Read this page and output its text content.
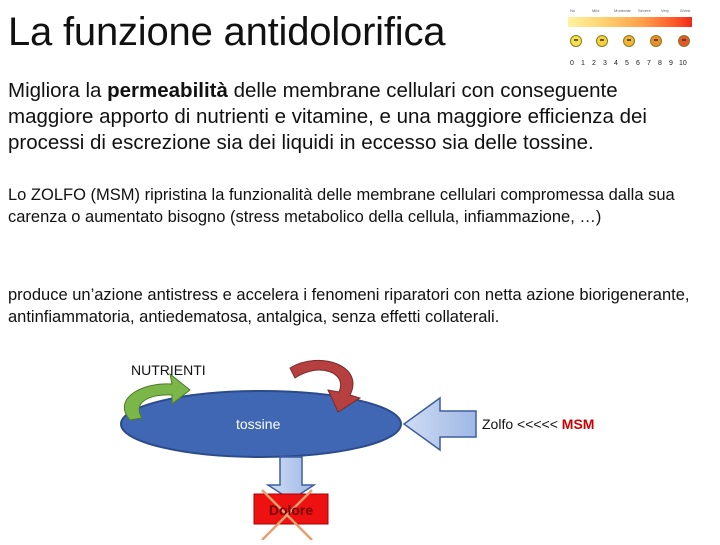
La funzione antidolorifica	No	Mild	Moderate Severe	Very	Worst
0 1 2 3 4 5 6 7 8 9 10
Migliora la permeabilità delle membrane cellulari con conseguente maggiore apporto di nutrienti e vitamine, e una maggiore efficienza dei processi di escrezione sia dei liquidi in eccesso sia delle tossine.
Lo ZOLFO (MSM) ripristina la funzionalità delle membrane cellulari compromessa dalla sua carenza o aumentato bisogno (stress metabolico della cellula, infiammazione, …)
produce un’azione antistress e accelera i fenomeni riparatori con netta azione biorigenerante, antinfiammatoria, antiedematosa, antalgica, senza effetti collaterali.
NUTRIENTI
tossine	Zolfo <<<<< MSM
Dolore
